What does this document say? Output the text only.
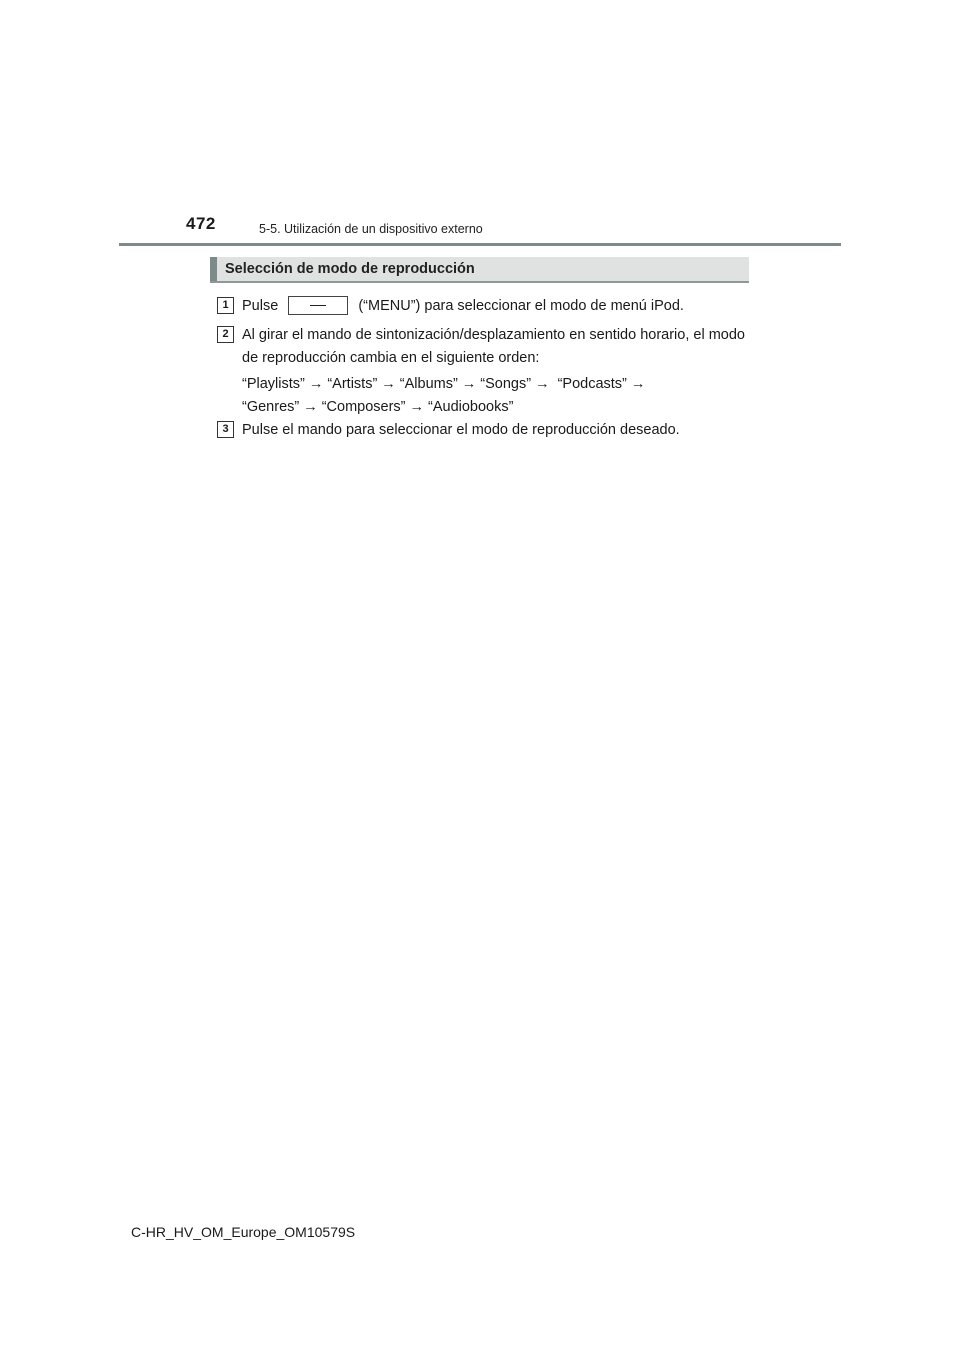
472	5-5. Utilización de un dispositivo externo
Selección de modo de reproducción
1 Pulse	(“MENU”) para seleccionar el modo de menú iPod.
2 Al girar el mando de sintonización/desplazamiento en sentido horario, el modo de reproducción cambia en el siguiente orden:
“Playlists” → “Artists” → “Albums” → “Songs” → “Podcasts” →
“Genres” → “Composers” → “Audiobooks”
3 Pulse el mando para seleccionar el modo de reproducción deseado.
C-HR_HV_OM_Europe_OM10579S
